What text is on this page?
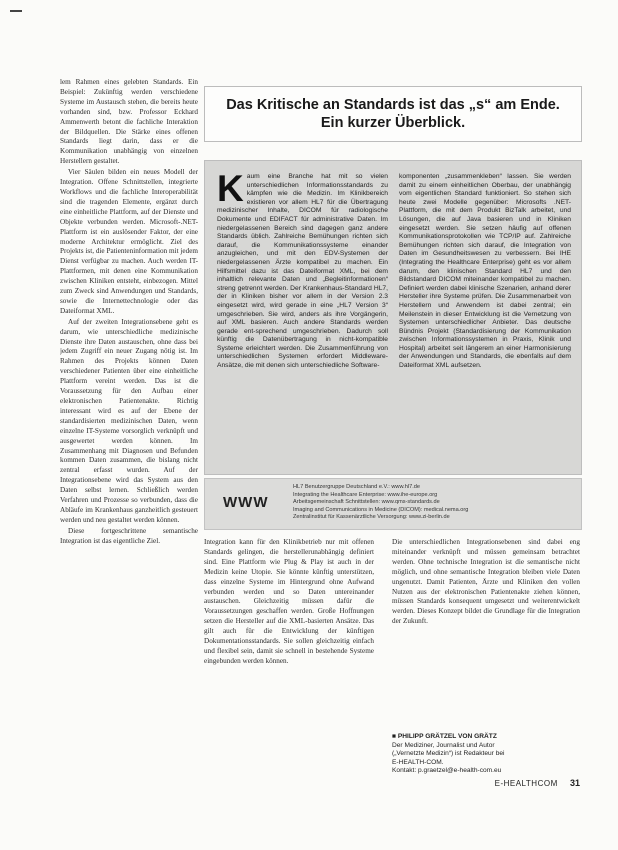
lem Rahmen eines gelebten Standards. Ein Beispiel: Zukünftig werden verschiedene Systeme im Austausch stehen, die bereits heute vorhanden sind, bzw. Professor Eckhard Ammenwerth betont die fachliche Interaktion der Bildquellen. Die Stärke eines offenen Standards liegt darin, dass er die Kommunikation unabhängig von einzelnen Herstellern gestaltet.

Vier Säulen bilden ein neues Modell der Integration. Offene Schnittstellen, integrierte Workflows und die fachliche Interoperabilität sind die tragenden Elemente, ergänzt durch eine einheitliche Plattform, auf der Dienste und Objekte verbunden werden. Microsoft-.NET-Plattform ist ein auslösender Faktor, der eine moderne Architektur ermöglicht. Ziel des Projekts ist, die Patienteninformation mit jedem Dienst verfügbar zu machen. Auch werden IT-Plattformen, mit denen eine Kommunikation zwischen Kliniken entsteht, einbezogen. Mittel zum Zweck sind Anwendungen und Standards, sowie die Internettechnologie oder das Dateiformat XML.

Auf der zweiten Integrationsebene geht es darum, wie unterschiedliche medizinische Dienste ihre Daten austauschen, ohne dass bei jedem Zugriff ein neuer Zugang nötig ist. Im Rahmen des Projekts können Daten verschiedener Patienten über eine einheitliche Plattform vereint werden. Das ist die Voraussetzung für den Aufbau einer elektronischen Patientenakte. Richtig interessant wird es auf der Ebene der standardisierten medizinischen Daten, wenn einzelne IT-Systeme vorsorglich verknüpft und ausgewertet werden können. Im Zusammenhang mit Diagnosen und Befunden kommen Daten zusammen, die bislang nicht zentral erfasst wurden. Auf der Integrationsebene wird das System aus den Daten selbst lernen. Schließlich werden Verfahren und Prozesse so verbunden, dass die Abläufe im Krankenhaus ganzheitlich gesteuert werden und neu gestaltet werden können.

Diese fortgeschrittene semantische Integration ist das eigentliche Ziel.

Das Kritische an Standards ist das „s“ am Ende.
Ein kurzer Überblick.
K aum eine Branche hat mit so vielen unterschiedlichen Informationsstandards zu kämpfen wie die Medizin. Im Klinikbereich existieren vor allem HL7 für die Übertragung medizinischer Inhalte, DICOM für radiologische Dokumente und EDIFACT für administrative Daten. Im niedergelassenen Bereich sind dagegen ganz andere Standards üblich. Zahlreiche Bemühungen richten sich darauf, die Kommunikationssysteme einander anzugleichen, und mit den EDV-Systemen der niedergelassenen Ärzte kompatibel zu machen. Ein Hilfsmittel dazu ist das Dateiformat XML, bei dem inhaltlich relevante Daten und „Begleitinformationen“ streng getrennt werden. Der Krankenhaus-Standard HL7, der in Kliniken bisher vor allem in der Version 2.3 eingesetzt wird, wird gerade in eine „HL7 Version 3“ umgeschrieben. Sie wird, anders als ihre Vorgängerin, auf XML basieren. Auch andere Standards werden gerade ent-sprechend umgeschrieben. Dadurch soll künftig die Datenübertragung in nicht-kompatible Systeme erleichtert werden. Die Zusammenführung von unterschiedlichen Systemen erfordert Middleware-Ansätze, die mit denen sich unterschiedliche Software-

komponenten „zusammenkleben“ lassen. Sie werden damit zu einem einheitlichen Oberbau, der unabhängig vom eigentlichen Standard funktioniert. So stehen sich heute zwei Modelle gegenüber: Microsofts .NET-Plattform, die mit dem Produkt BizTalk arbeitet, und Lösungen, die auf Java basieren und in Kliniken eingesetzt werden. Sie setzen häufig auf offenen Kommunikationsprotokollen wie TCP/IP auf. Zahlreiche Bemühungen richten sich darauf, die Integration von Daten im Gesundheitswesen zu verbessern. Bei IHE (Integrating the Healthcare Enterprise) geht es vor allem darum, den klinischen Standard HL7 und den Bildstandard DICOM miteinander kompatibel zu machen. Definiert werden dabei klinische Szenarien, anhand derer Hersteller ihre Systeme prüfen. Die Zusammenarbeit von Herstellern und Anwendern ist dabei zentral; ein Meilenstein in dieser Entwicklung ist die Vernetzung von Systemen unterschiedlicher Anbieter. Das deutsche Bündnis Projekt (Standardisierung der Kommunikation zwischen Informationssystemen in Praxis, Klinik und Hospital) arbeitet seit längerem an einer Harmonisierung der Anwendungen und Standards, die ebenfalls auf dem Dateiformat XML aufsetzen.

WWW
HL7 Benutzergruppe Deutschland e.V.: www.hl7.de
Integrating the Healthcare Enterprise: www.ihe-europe.org
Arbeitsgemeinschaft Schnittstellen: www.qms-standards.de
Imaging and Communications in Medicine (DICOM): medical.nema.org
Zentralinstitut für Kassenärztliche Versorgung: www.zi-berlin.de

Integration kann für den Klinikbetrieb nur mit offenen Standards gelingen, die herstellerunabhängig definiert sind. Eine Plattform wie Plug & Play ist auch in der Medizin keine Utopie. Sie könnte künftig unterstützen, dass einzelne Systeme im Hintergrund ohne Aufwand verbunden werden und so Daten untereinander austauschen. Gleichzeitig müssen dafür die Voraussetzungen geschaffen werden. Große Hoffnungen setzen die Hersteller auf die XML-basierten Ansätze. Das gilt auch für die Entwicklung der künftigen Dokumentationsstandards. Sie sollen gleichzeitig einfach und flexibel sein, damit sie schnell in bestehende Systeme eingebunden werden können.

Die unterschiedlichen Integrationsebenen sind dabei eng miteinander verknüpft und müssen gemeinsam betrachtet werden. Ohne technische Integration ist die semantische nicht möglich, und ohne semantische Integration bleiben viele Daten ungenutzt. Damit Patienten, Ärzte und Kliniken den vollen Nutzen aus der elektronischen Patientenakte ziehen können, müssen Standards konsequent umgesetzt und weiterentwickelt werden. Dieses Konzept bildet die Grundlage für die Integration der Zukunft.

■ PHILIPP GRÄTZEL VON GRÄTZ
Der Mediziner, Journalist und Autor
(„Vernetzte Medizin“) ist Redakteur bei
E-HEALTH-COM.
Kontakt: p.graetzel@e-health-com.eu
E-HEALTHCOM 31
